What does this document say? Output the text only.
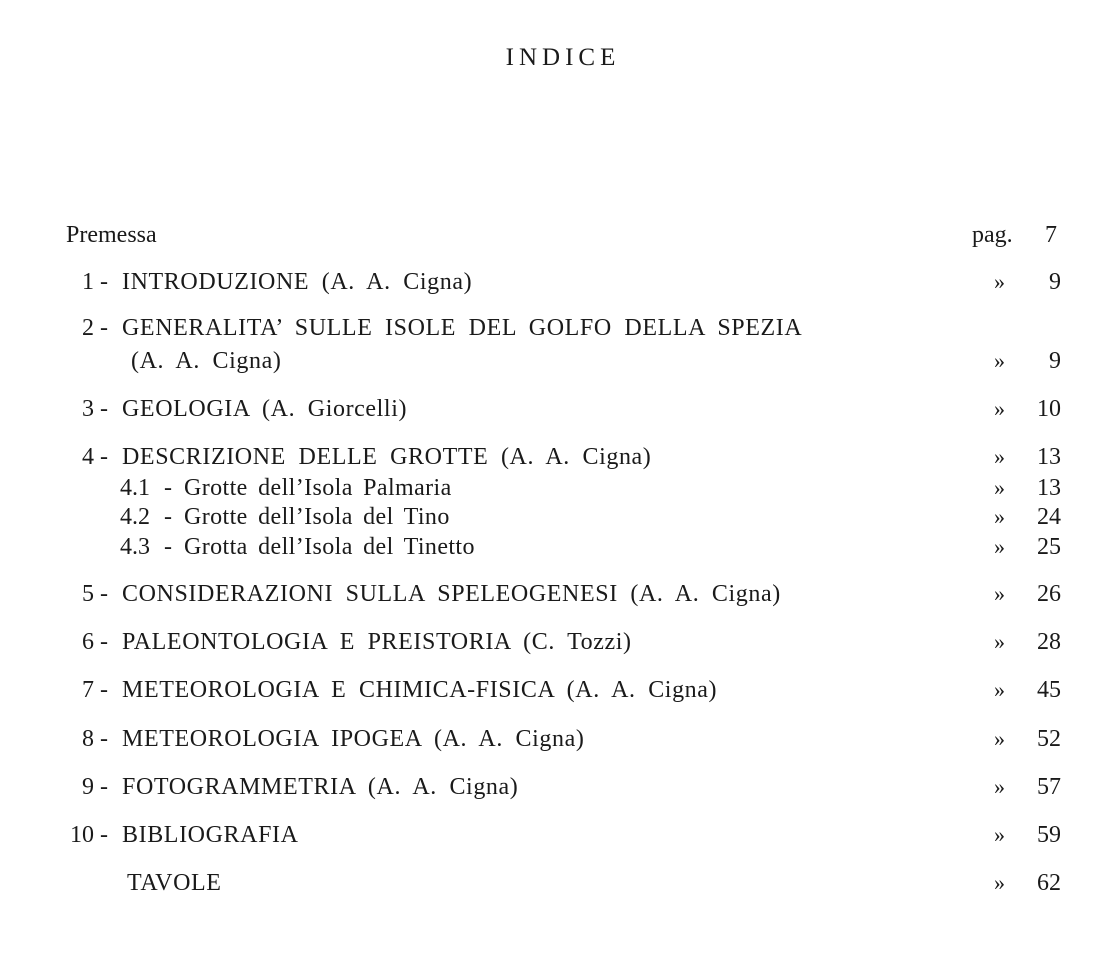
INDICE
Premessa	pag. 7
1 - INTRODUZIONE (A. A. Cigna)	» 9
2 - GENERALITA’ SULLE ISOLE DEL GOLFO DELLA SPEZIA
(A. A. Cigna)	» 9
3 - GEOLOGIA (A. Giorcelli)	» 10
4 - DESCRIZIONE DELLE GROTTE (A. A. Cigna)	» 13
4.1 - Grotte dell’Isola Palmaria	» 13
4.2 - Grotte dell’Isola del Tino	» 24
4.3 - Grotta dell’Isola del Tinetto	» 25
5 - CONSIDERAZIONI SULLA SPELEOGENESI (A. A. Cigna)	» 26
6 - PALEONTOLOGIA E PREISTORIA (C. Tozzi)	» 28
7 - METEOROLOGIA E CHIMICA-FISICA (A. A. Cigna)	» 45
8 - METEOROLOGIA IPOGEA (A. A. Cigna)	» 52
9 - FOTOGRAMMETRIA (A. A. Cigna)	» 57
10 - BIBLIOGRAFIA	» 59
TAVOLE	» 62
